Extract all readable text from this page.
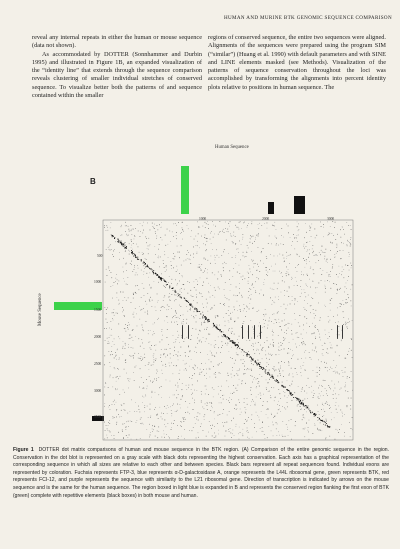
HUMAN AND MURINE BTK GENOMIC SEQUENCE COMPARISON

reveal any internal repeats in either the human or mouse sequence (data not shown).

As accommodated by DOTTER (Sonnhammer and Durbin 1995) and illustrated in Figure 1B, an expanded visualization of the “identity line” that extends through the sequence comparison reveals clustering of smaller individual stretches of conserved sequence. To visualize better both the patterns of and sequence contained within the smaller

regions of conserved sequence, the entire two sequences were aligned. Alignments of the sequences were prepared using the program SIM (“similar”) (Huang et al. 1990) with default parameters and with SINE and LINE elements masked (see Methods). Visualization of the patterns of sequence conservation throughout the loci was accomplished by transforming the alignments into percent identity plots relative to positions in human sequence. The

Human Sequence
Mouse Sequence
B
1000	2000	3000
500
1000
1500
2000
2500
3000
3500
Figure 1 DOTTER dot matrix comparisons of human and mouse sequence in the BTK region. (A) Comparison of the entire genomic sequence in the region. Conservation in the dot blot is represented on a gray scale with black dots representing the highest conservation. Each axis has a graphical representation of the corresponding sequence in which all sizes are relative to each other and between species. Black bars represent all repeat sequences found. Individual exons are represented by coloration. Fuchsia represents FTP-3, blue represents α-D-galactosidase A, orange represents the L44L ribosomal gene, green represents BTK, red represents FCI-12, and purple represents the sequence with similarity to the L21 ribosomal gene. Direction of transcription is indicated by arrows on the mouse sequence and is the same for the human sequence. The region boxed in light blue is expanded in B and represents the conserved region flanking the first exon of BTK (green) complete with repetitive elements (black boxes) in both mouse and human.
